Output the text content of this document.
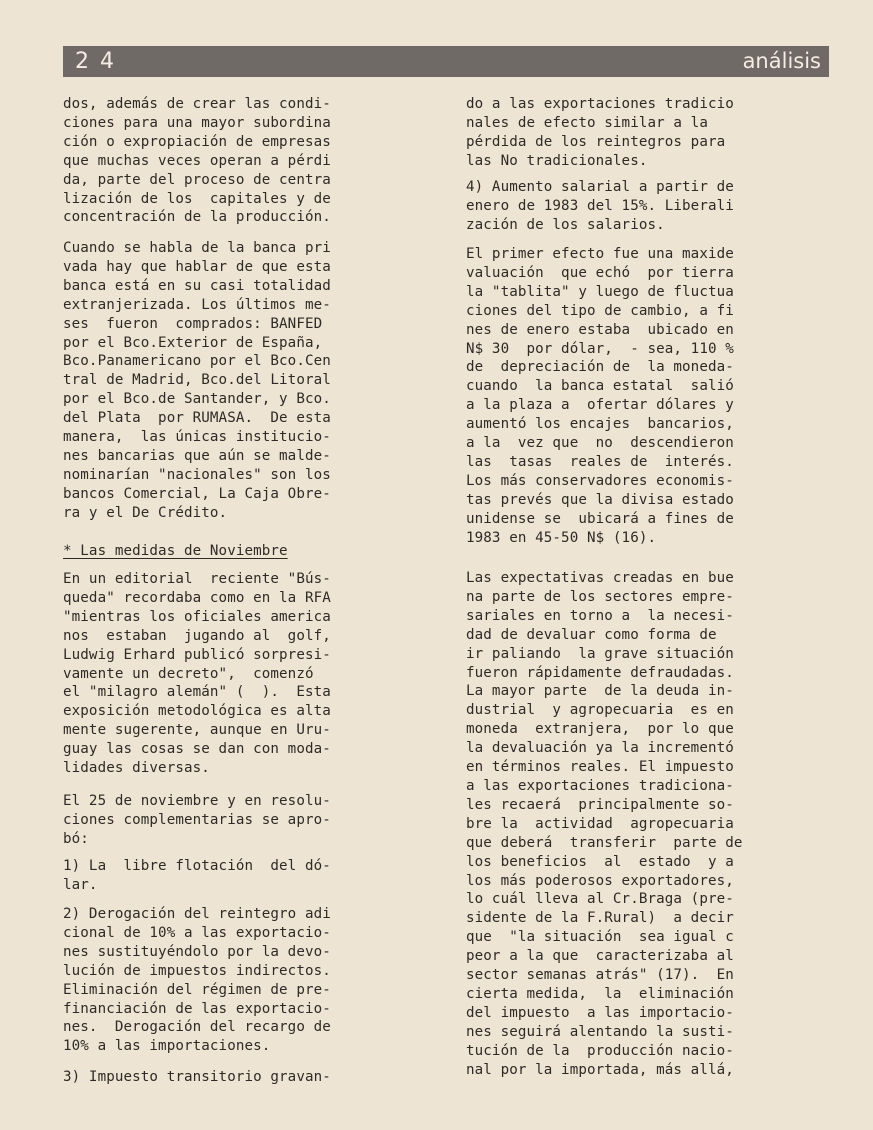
2 4	análisis

dos, además de crear las condi-
ciones para una mayor subordina
ción o expropiación de empresas
que muchas veces operan a pérdi
da, parte del proceso de centra
lización de los  capitales y de
concentración de la producción.

Cuando se habla de la banca pri
vada hay que hablar de que esta
banca está en su casi totalidad
extranjerizada. Los últimos me-
ses  fueron  comprados: BANFED
por el Bco.Exterior de España,
Bco.Panamericano por el Bco.Cen
tral de Madrid, Bco.del Litoral
por el Bco.de Santander, y Bco.
del Plata  por RUMASA.  De esta
manera,  las únicas institucio-
nes bancarias que aún se malde-
nominarían "nacionales" son los
bancos Comercial, La Caja Obre-
ra y el De Crédito.

* Las medidas de Noviembre

En un editorial  reciente "Bús-
queda" recordaba como en la RFA
"mientras los oficiales america
nos  estaban  jugando al  golf,
Ludwig Erhard publicó sorpresi-
vamente un decreto",  comenzó
el "milagro alemán" (  ).  Esta
exposición metodológica es alta
mente sugerente, aunque en Uru-
guay las cosas se dan con moda-
lidades diversas.

El 25 de noviembre y en resolu-
ciones complementarias se apro-
bó:

1) La  libre flotación  del dó-
lar.

2) Derogación del reintegro adi
cional de 10% a las exportacio-
nes sustituyéndolo por la devo-
lución de impuestos indirectos.
Eliminación del régimen de pre-
financiación de las exportacio-
nes.  Derogación del recargo de
10% a las importaciones.

3) Impuesto transitorio gravan-

do a las exportaciones tradicio
nales de efecto similar a la
pérdida de los reintegros para
las No tradicionales.

4) Aumento salarial a partir de
enero de 1983 del 15%. Liberali
zación de los salarios.

El primer efecto fue una maxide
valuación  que echó  por tierra
la "tablita" y luego de fluctua
ciones del tipo de cambio, a fi
nes de enero estaba  ubicado en
N$ 30  por dólar,  - sea, 110 %
de  depreciación de  la moneda-
cuando  la banca estatal  salió
a la plaza a  ofertar dólares y
aumentó los encajes  bancarios,
a la  vez que  no  descendieron
las  tasas  reales de  interés.
Los más conservadores economis-
tas prevés que la divisa estado
unidense se  ubicará a fines de
1983 en 45-50 N$ (16).

Las expectativas creadas en bue
na parte de los sectores empre-
sariales en torno a  la necesi-
dad de devaluar como forma de
ir paliando  la grave situación
fueron rápidamente defraudadas.
La mayor parte  de la deuda in-
dustrial  y agropecuaria  es en
moneda  extranjera,  por lo que
la devaluación ya la incrementó
en términos reales. El impuesto
a las exportaciones tradiciona-
les recaerá  principalmente so-
bre la  actividad  agropecuaria
que deberá  transferir  parte de
los beneficios  al  estado  y a
los más poderosos exportadores,
lo cuál lleva al Cr.Braga (pre-
sidente de la F.Rural)  a decir
que  "la situación  sea igual c
peor a la que  caracterizaba al
sector semanas atrás" (17).  En
cierta medida,  la  eliminación
del impuesto  a las importacio-
nes seguirá alentando la susti-
tución de la  producción nacio-
nal por la importada, más allá,
